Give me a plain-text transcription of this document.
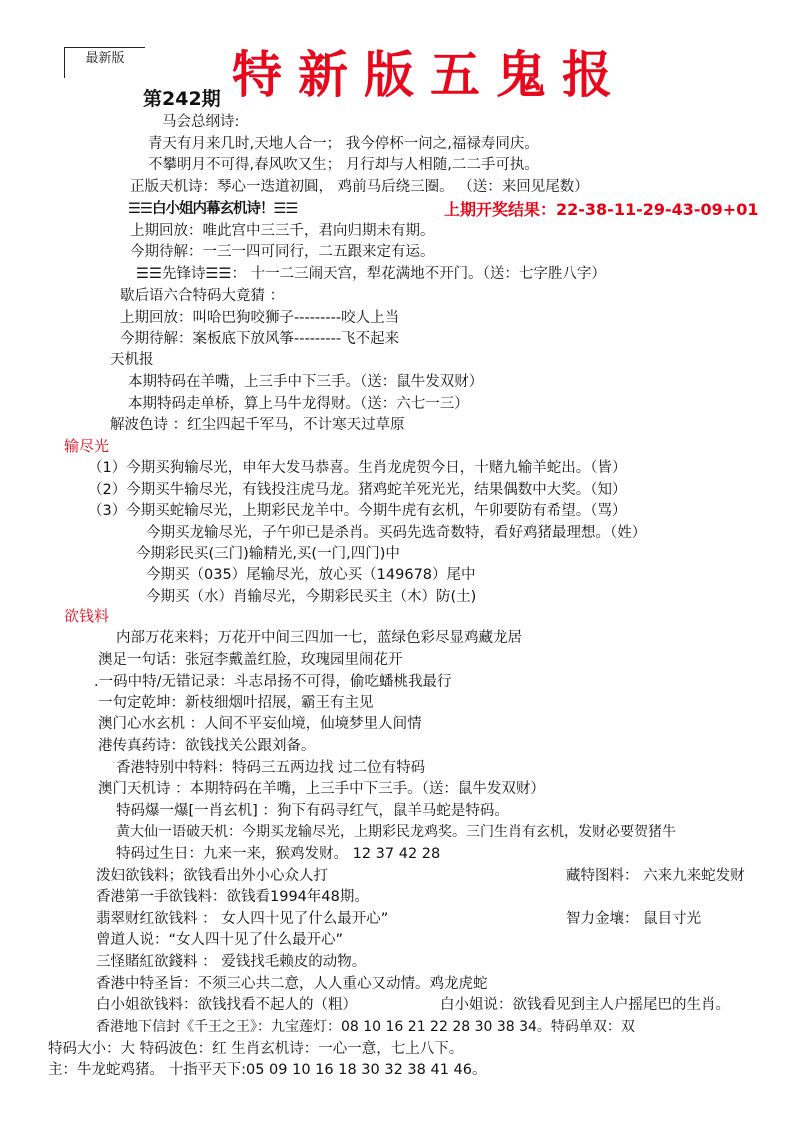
最新版	特新版五鬼报
第242期
马会总纲诗:
青天有月来几时,天地人合一； 我今停杯一问之,福禄寿同庆。
不攀明月不可得,春风吹又生； 月行却与人相随,二二手可执。
正版天机诗：琴心一迭道初圓， 鸡前马后绕三圈。 （送：来回见尾数）
☰☰白小姐内幕玄机诗！☰☰	上期开奖结果：22-38-11-29-43-09+01
上期回放：唯此宫中三三千，君向归期未有期。
今期待解：一三一四可同行，二五跟来定有运。
☰☰先锋诗☰☰： 十一二三闹天宫，犁花满地不开门。（送：七字胜八字）
歇后语六合特码大竟猜 ：
上期回放：叫哈巴狗咬狮子---------咬人上当
今期待解：案板底下放风筝---------飞不起来
天机报
本期特码在羊嘴，上三手中下三手。（送：鼠牛发双财）
本期特码走单桥，算上马牛龙得财。（送：六七一三）
解波色诗 ：红尘四起千军马，不计寒天过草原
输尽光
（1）今期买狗输尽光，申年大发马恭喜。生肖龙虎贺今日，十赌九输羊蛇出。（皆）
（2）今期买牛输尽光，有钱投注虎马龙。猪鸡蛇羊死光光，结果偶数中大奖。（知）
（3）今期买蛇输尽光，上期彩民龙羊中。今期牛虎有玄机，午卯要防有希望。（骂）
今期买龙输尽光，子午卯已是杀肖。买码先选奇数特，看好鸡猪最理想。（姓）
今期彩民买(三门)输精光,买(一门,四门)中
今期买（035）尾输尽光，放心买（149678）尾中
今期买（水）肖输尽光，今期彩民买主（木）防(土)
欲钱料
内部万花来料；万花开中间三四加一七，蓝绿色彩尽显鸡藏龙居
澳足一句话：张冠李戴盖红脸，玫瑰园里闹花开
.一码中特/无错记录：斗志昂扬不可得，偷吃蟠桃我最行
一句定乾坤：新枝细烟叶招展，霸王有主见
澳门心水玄机 ：人间不平妄仙境，仙境梦里人间情
港传真药诗：欲钱找关公跟刘备。
香港特别中特料：特码三五两边找 过二位有特码
澳门天机诗 ：本期特码在羊嘴，上三手中下三手。（送：鼠牛发双财）
特码爆一爆[一肖玄机] ：狗下有码寻红气，鼠羊马蛇是特码。
黄大仙一语破天机：今期买龙输尽光，上期彩民龙鸡奖。三门生肖有玄机，发财必要贺猪牛
特码过生日：九来一来，猴鸡发财。 12 37 42 28
泼妇欲钱料；欲钱看出外小心众人打	藏特图料： 六来九来蛇发财
香港第一手欲钱料：欲钱看1994年48期。
翡翠财红欲钱料 ： 女人四十见了什么最开心”	智力金壤： 鼠目寸光
曾道人说：“女人四十见了什么最开心”
三怪賭紅欲錢料 ： 爱钱找毛赖皮的动物。
香港中特圣旨：不须三心共二意，人人重心又动情。鸡龙虎蛇
白小姐欲钱料：欲钱找看不起人的（粗）	白小姐说：欲钱看见到主人户摇尾巴的生肖。
香港地下信封《千王之王》：九宝莲灯：08 10 16 21 22 28 30 38 34。特码单双：双
特码大小：大 特码波色：红 生肖玄机诗：一心一意，七上八下。
主：牛龙蛇鸡猪。 十指平天下:05 09 10 16 18 30 32 38 41 46。
